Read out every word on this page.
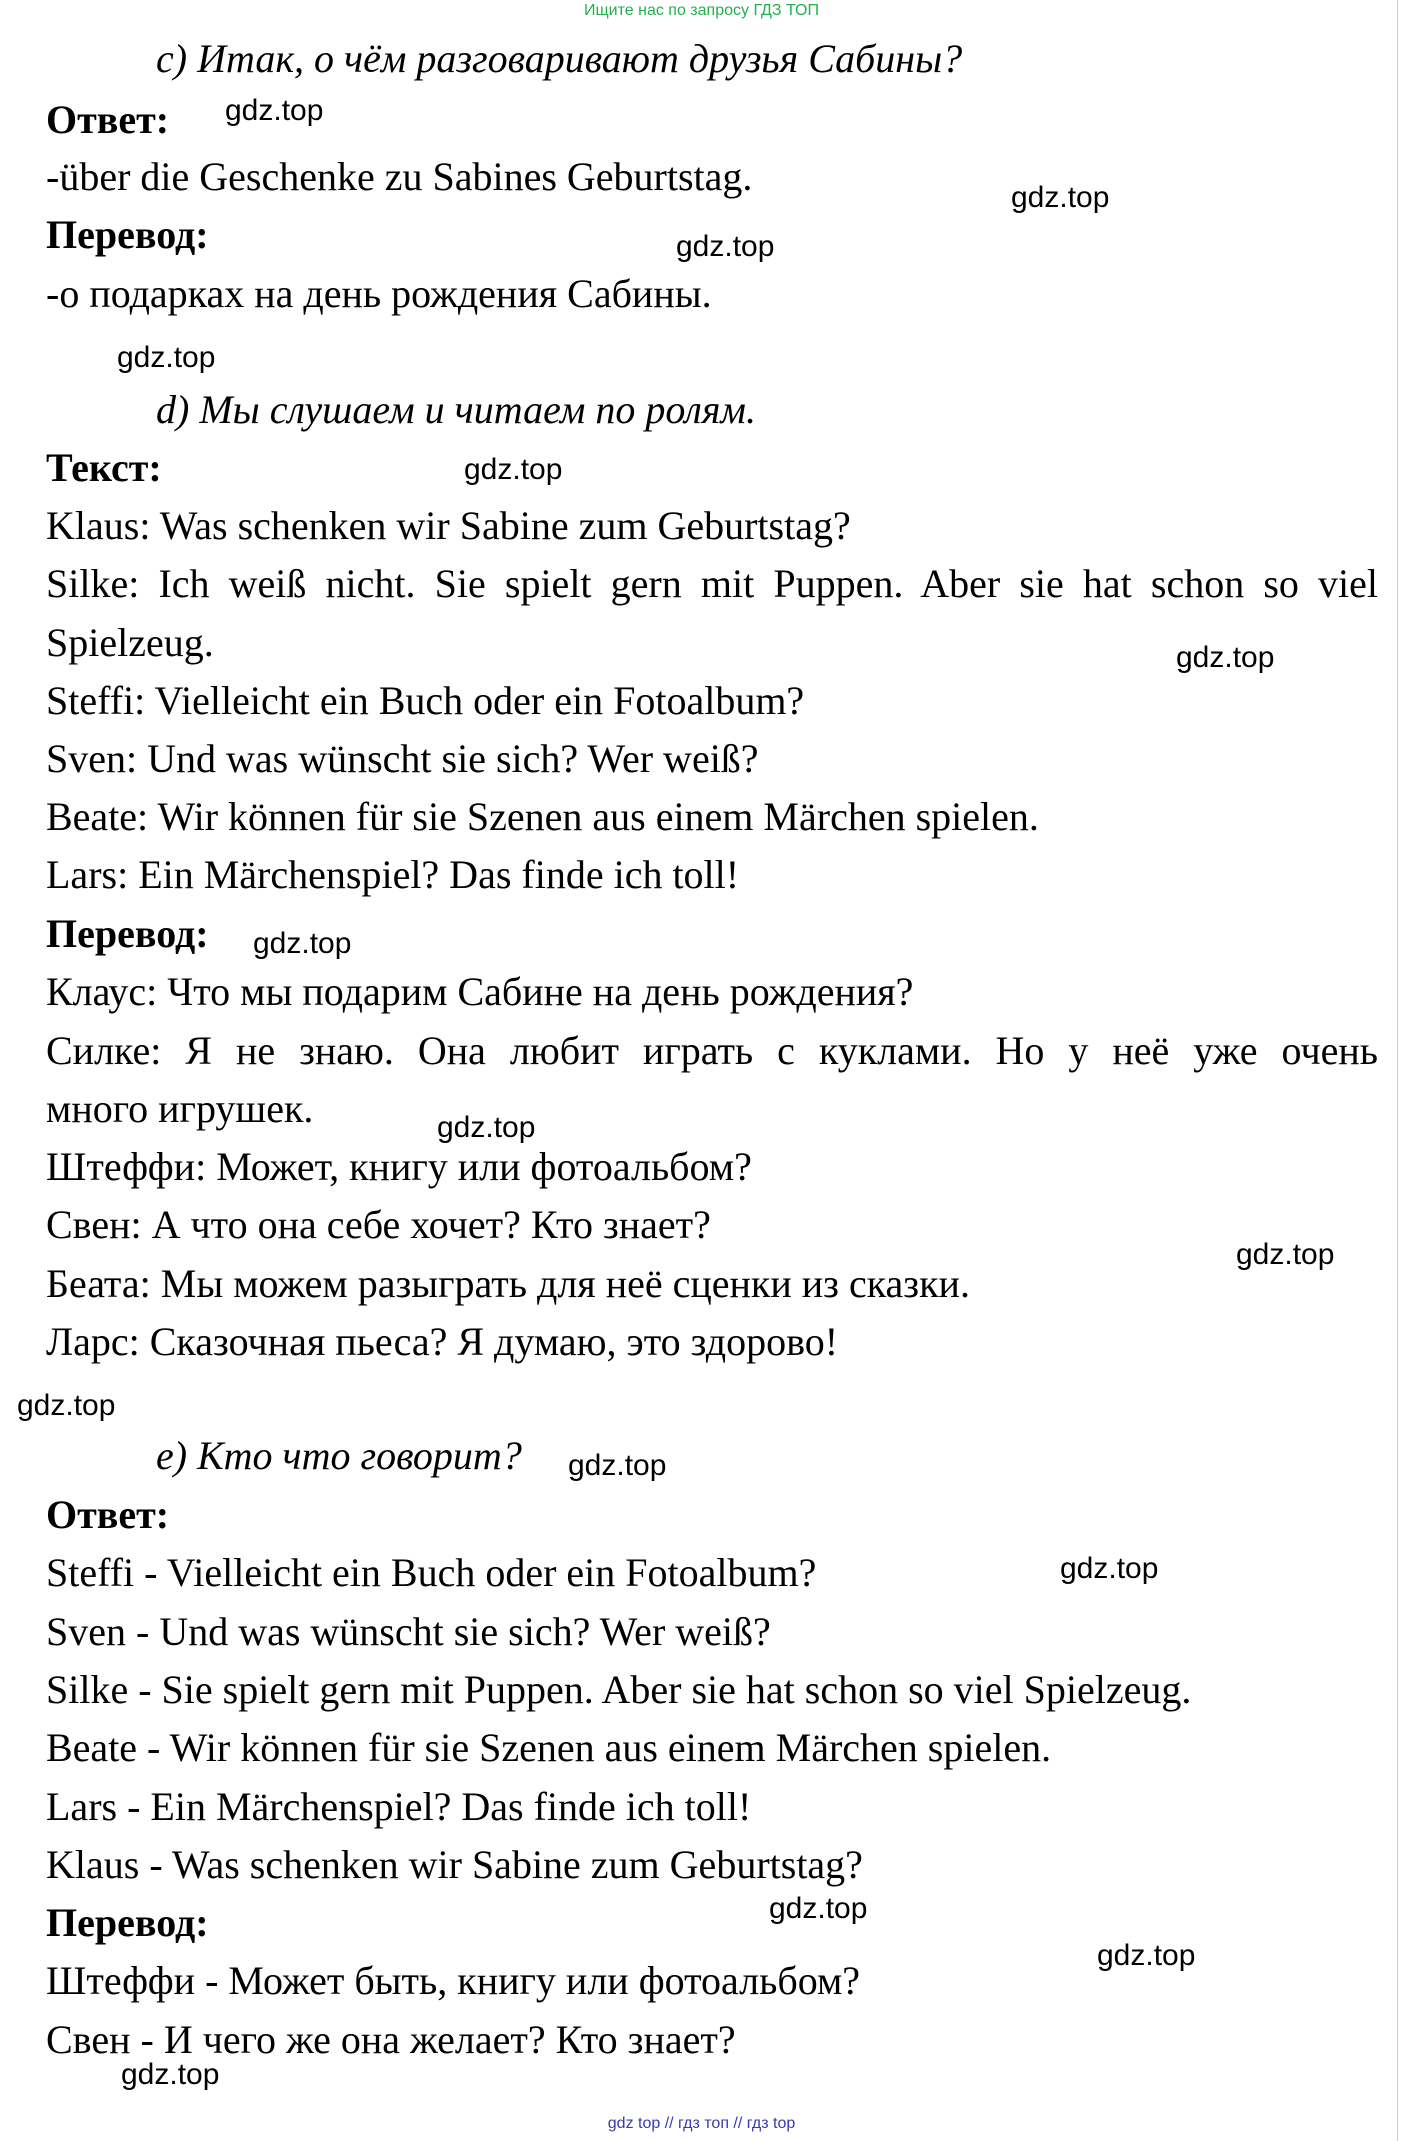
Ищите нас по запросу ГДЗ ТОП
c) Итак, о чём разговаривают друзья Сабины?
Ответ:
-über die Geschenke zu Sabines Geburtstag.
Перевод:
-о подарках на день рождения Сабины.
d) Мы слушаем и читаем по ролям.
Текст:
Klaus: Was schenken wir Sabine zum Geburtstag?
Silke: Ich weiß nicht. Sie spielt gern mit Puppen. Aber sie hat schon so viel
Spielzeug.
Steffi: Vielleicht ein Buch oder ein Fotoalbum?
Sven: Und was wünscht sie sich? Wer weiß?
Beate: Wir können für sie Szenen aus einem Märchen spielen.
Lars: Ein Märchenspiel? Das finde ich toll!
Перевод:
Клаус: Что мы подарим Сабине на день рождения?
Силке: Я не знаю. Она любит играть с куклами. Но у неё уже очень
много игрушек.
Штеффи: Может, книгу или фотоальбом?
Свен: А что она себе хочет? Кто знает?
Беата: Мы можем разыграть для неё сценки из сказки.
Ларс: Сказочная пьеса? Я думаю, это здорово!
e) Кто что говорит?
Ответ:
Steffi - Vielleicht ein Buch oder ein Fotoalbum?
Sven - Und was wünscht sie sich? Wer weiß?
Silke - Sie spielt gern mit Puppen. Aber sie hat schon so viel Spielzeug.
Beate - Wir können für sie Szenen aus einem Märchen spielen.
Lars - Ein Märchenspiel? Das finde ich toll!
Klaus - Was schenken wir Sabine zum Geburtstag?
Перевод:
Штеффи - Может быть, книгу или фотоальбом?
Свен - И чего же она желает? Кто знает?
gdz.top
gdz.top
gdz.top
gdz.top
gdz.top
gdz.top
gdz.top
gdz.top
gdz.top
gdz.top
gdz.top
gdz.top
gdz.top
gdz.top
gdz.top
gdz top // гдз топ // гдз top
